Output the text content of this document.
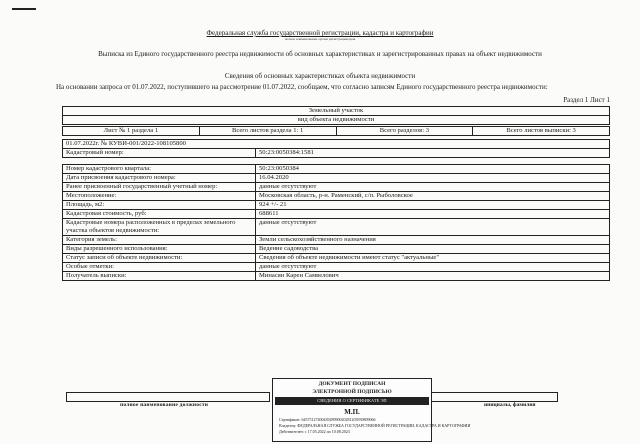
Федеральная служба государственной регистрации, кадастра и картографии
полное наименование органа регистрации прав
Выписка из Единого государственного реестра недвижимости об основных характеристиках и зарегистрированных правах на объект недвижимости
Сведения об основных характеристиках объекта недвижимости
На основании запроса от 01.07.2022, поступившего на рассмотрение 01.07.2022, сообщаем, что согласно записям Единого государственного реестра недвижимости:
Раздел 1 Лист 1
Земельный участок
вид объекта недвижимости
Лист № 1 раздела 1	Всего листов раздела 1: 1	Всего разделов: 3	Всего листов выписки: 3
01.07.2022г. № КУВИ-001/2022-108105800
Кадастровый номер:	50:23:0050384:1581
Номер кадастрового квартала:	50:23:0050384
Дата присвоения кадастрового номера:	16.04.2020
Ранее присвоенный государственный учетный номер:	данные отсутствуют
Местоположение:	Московская область, р-н. Раменский, с/п. Рыболовское
Площадь, м2:	924 +/- 21
Кадастровая стоимость, руб:	688611
Кадастровые номера расположенных в пределах земельного участка объектов недвижимости:	данные отсутствуют
Категория земель:	Земли сельскохозяйственного назначения
Виды разрешенного использования:	Ведение садоводства
Статус записи об объекте недвижимости:	Сведения об объекте недвижимости имеют статус "актуальные"
Особые отметки:	данные отсутствуют
Получатель выписки:	Минасян Карен Самвелович
полное наименование должности	инициалы, фамилия
ДОКУМЕНТ ПОДПИСАН
ЭЛЕКТРОННОЙ ПОДПИСЬЮ
СВЕДЕНИЯ О СЕРТИФИКАТЕ ЭП
М.П.
Сертификат: 6457512740043928990020281203939809066
Владелец: ФЕДЕРАЛЬНАЯ СЛУЖБА ГОСУДАРСТВЕННОЙ РЕГИСТРАЦИИ, КАДАСТРА И КАРТОГРАФИИ
Действителен: с 17.05.2022 по 10.08.2023
